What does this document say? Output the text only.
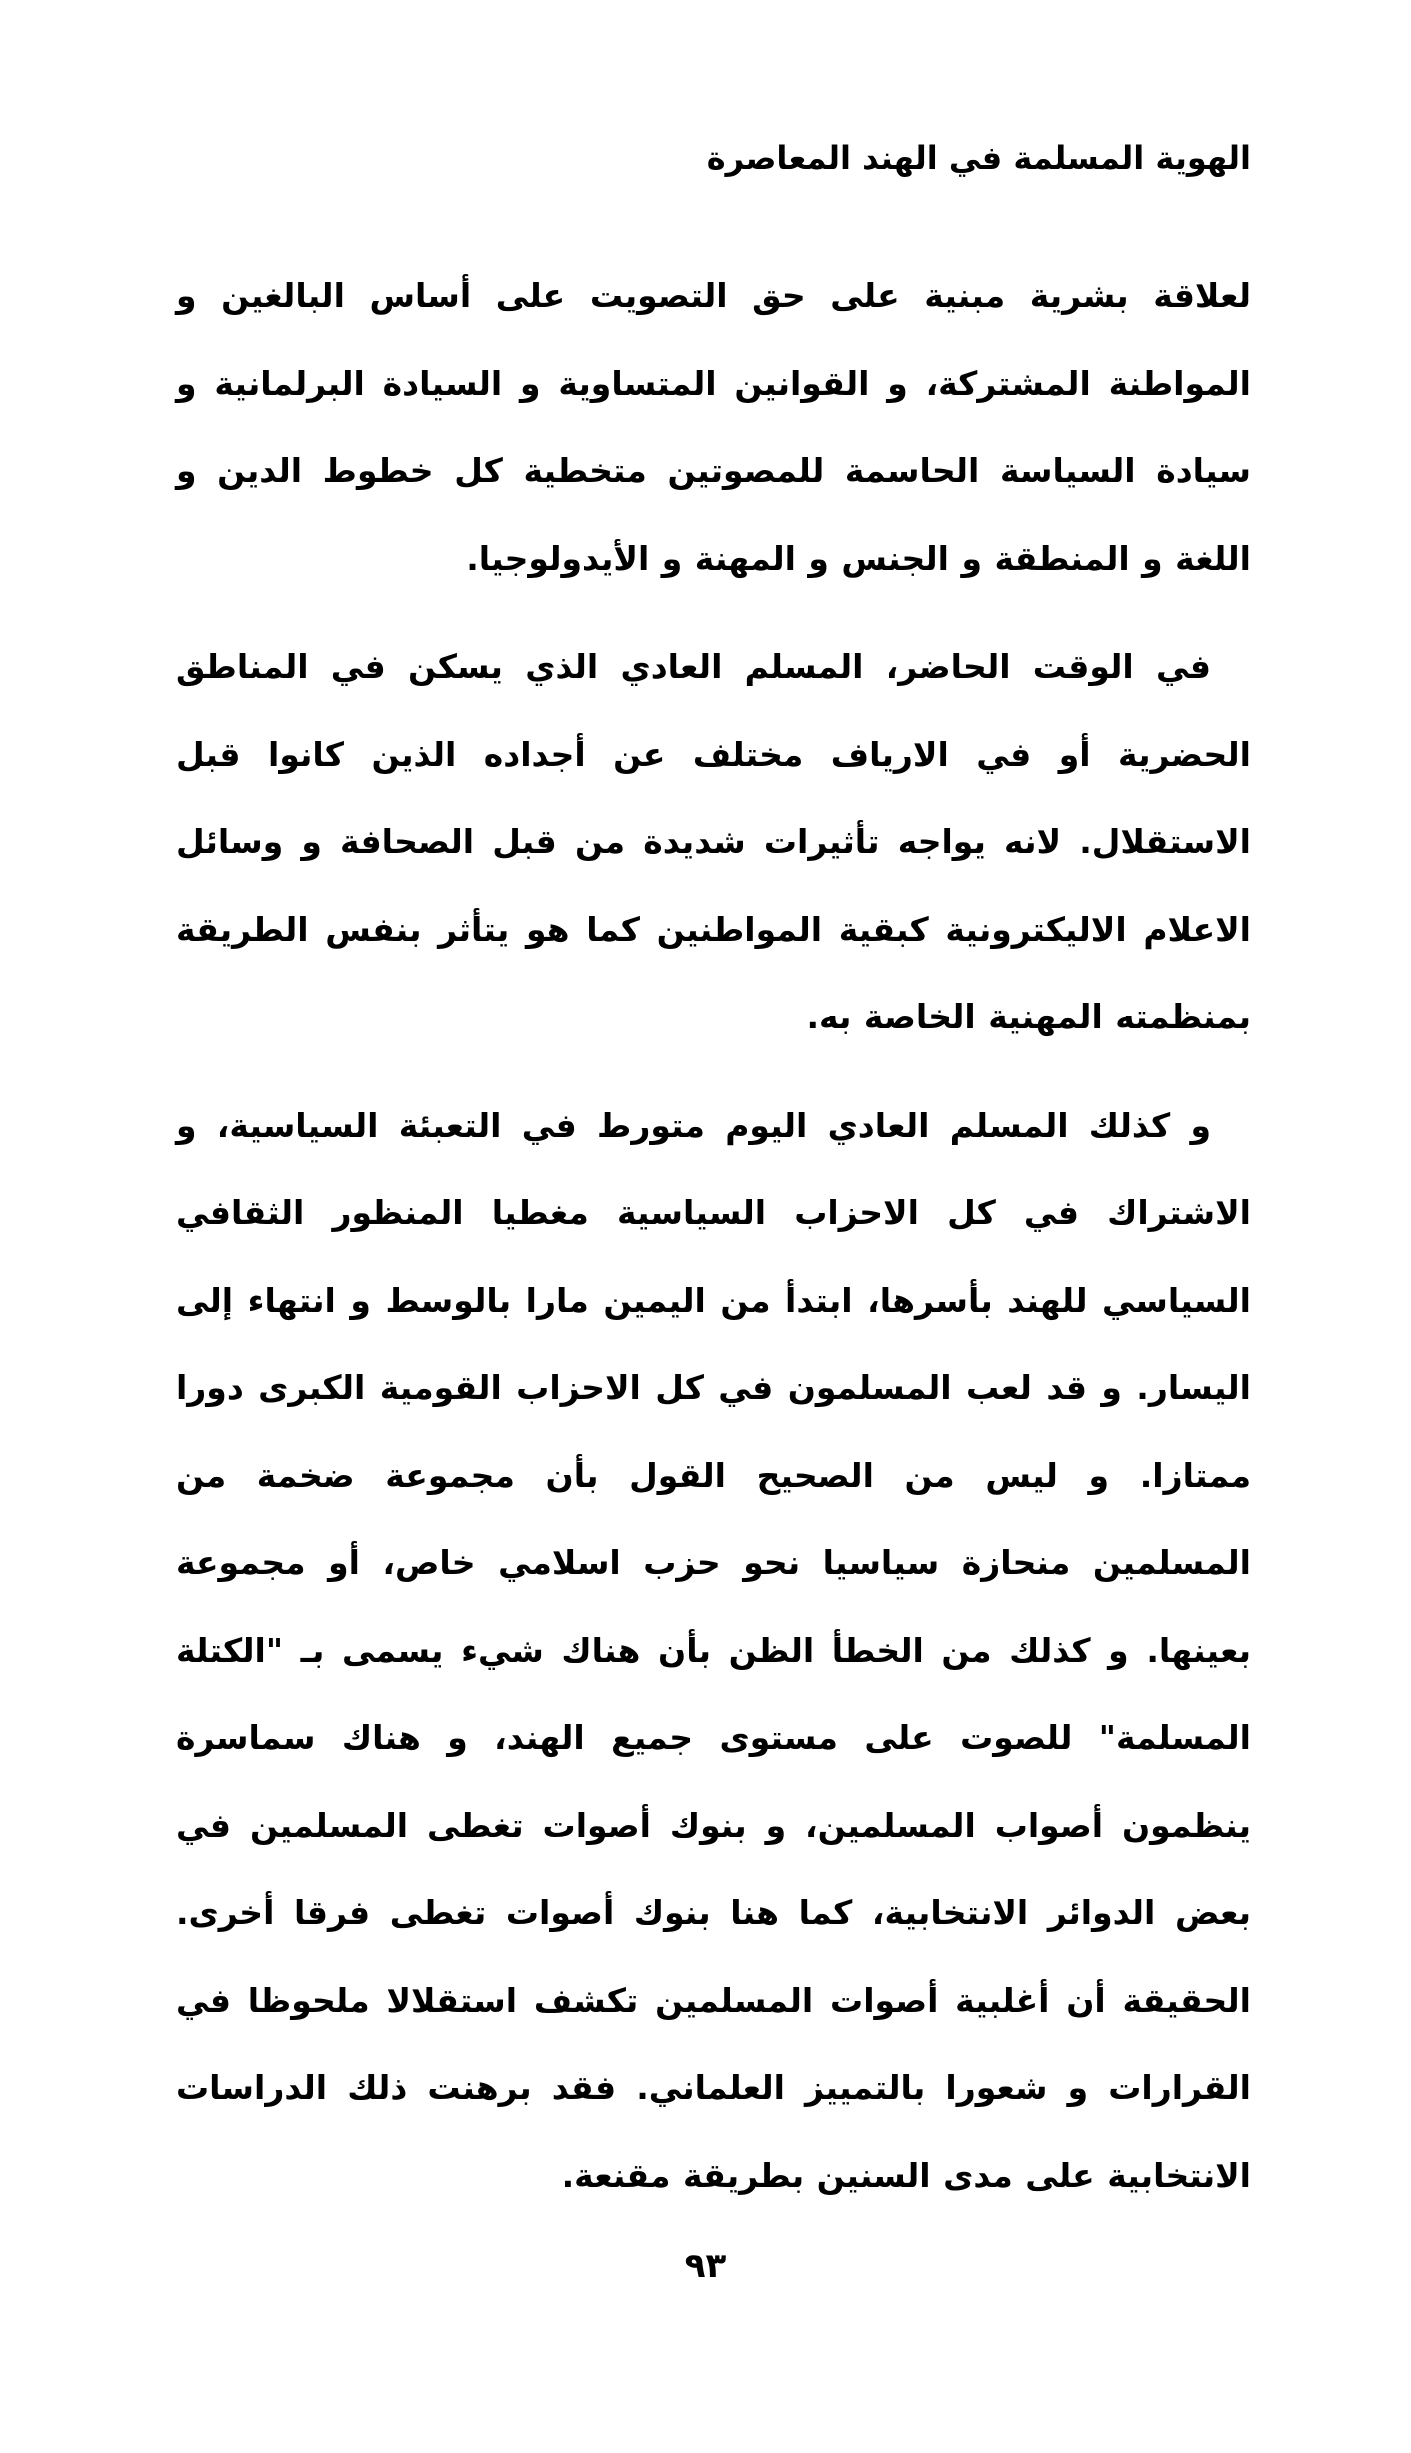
الهوية المسلمة في الهند المعاصرة

لعلاقة بشرية مبنية على حق التصويت على أساس البالغين و المواطنة المشتركة، و القوانين المتساوية و السيادة البرلمانية و سيادة السياسة الحاسمة للمصوتين متخطية كل خطوط الدين و اللغة و المنطقة و الجنس و المهنة و الأيدولوجيا.

في الوقت الحاضر، المسلم العادي الذي يسكن في المناطق الحضرية أو في الارياف مختلف عن أجداده الذين كانوا قبل الاستقلال. لانه يواجه تأثيرات شديدة من قبل الصحافة و وسائل الاعلام الاليكترونية كبقية المواطنين كما هو يتأثر بنفس الطريقة بمنظمته المهنية الخاصة به.

و كذلك المسلم العادي اليوم متورط في التعبئة السياسية، و الاشتراك في كل الاحزاب السياسية مغطيا المنظور الثقافي السياسي للهند بأسرها، ابتدأ من اليمين مارا بالوسط و انتهاء إلى اليسار. و قد لعب المسلمون في كل الاحزاب القومية الكبرى دورا ممتازا. و ليس من الصحيح القول بأن مجموعة ضخمة من المسلمين منحازة سياسيا نحو حزب اسلامي خاص، أو مجموعة بعينها. و كذلك من الخطأ الظن بأن هناك شيء يسمى بـ "الكتلة المسلمة" للصوت على مستوى جميع الهند، و هناك سماسرة ينظمون أصواب المسلمين، و بنوك أصوات تغطى المسلمين في بعض الدوائر الانتخابية، كما هنا بنوك أصوات تغطى فرقا أخرى. الحقيقة أن أغلبية أصوات المسلمين تكشف استقلالا ملحوظا في القرارات و شعورا بالتمييز العلماني. فقد برهنت ذلك الدراسات الانتخابية على مدى السنين بطريقة مقنعة.

٩٣
